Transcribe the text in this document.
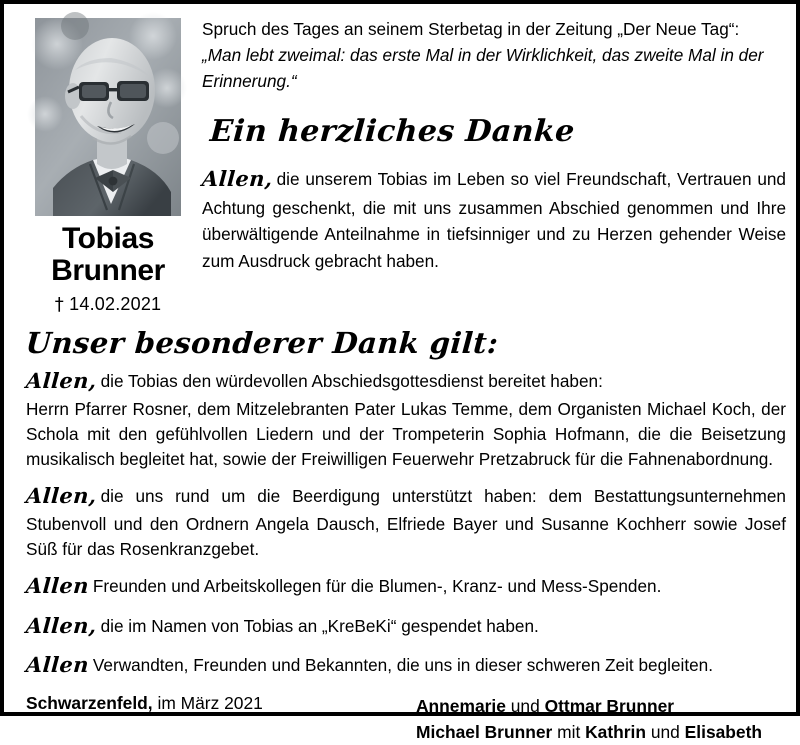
Tobias
Brunner
† 14.02.2021

Spruch des Tages an seinem Sterbetag in der Zeitung „Der Neue Tag“:

„Man lebt zweimal: das erste Mal in der Wirklichkeit, das zweite Mal in der Erinnerung.“

Ein herzliches Danke

Allen, die unserem Tobias im Leben so viel Freundschaft, Vertrauen und Achtung geschenkt, die mit uns zusammen Abschied genommen und Ihre überwältigende Anteilnahme in tiefsinniger und zu Herzen gehender Weise zum Ausdruck gebracht haben.

Unser besonderer Dank gilt:
Allen, die Tobias den würdevollen Abschiedsgottesdienst bereitet haben:
Herrn Pfarrer Rosner, dem Mitzelebranten Pater Lukas Temme, dem Organisten Michael Koch, der Schola mit den gefühlvollen Liedern und der Trompeterin Sophia Hofmann, die die Beisetzung musikalisch begleitet hat, sowie der Freiwilligen Feuerwehr Pretzabruck für die Fahnenabordnung.
Allen, die uns rund um die Beerdigung unterstützt haben: dem Bestattungsunternehmen Stubenvoll und den Ordnern Angela Dausch, Elfriede Bayer und Susanne Kochherr sowie Josef Süß für das Rosenkranzgebet.
Allen Freunden und Arbeitskollegen für die Blumen-, Kranz- und Mess-Spenden.
Allen, die im Namen von Tobias an „KreBeKi“ gespendet haben.
Allen Verwandten, Freunden und Bekannten, die uns in dieser schweren Zeit begleiten.
Schwarzenfeld, im März 2021	Annemarie und Ottmar Brunner
Michael Brunner mit Kathrin und Elisabeth
